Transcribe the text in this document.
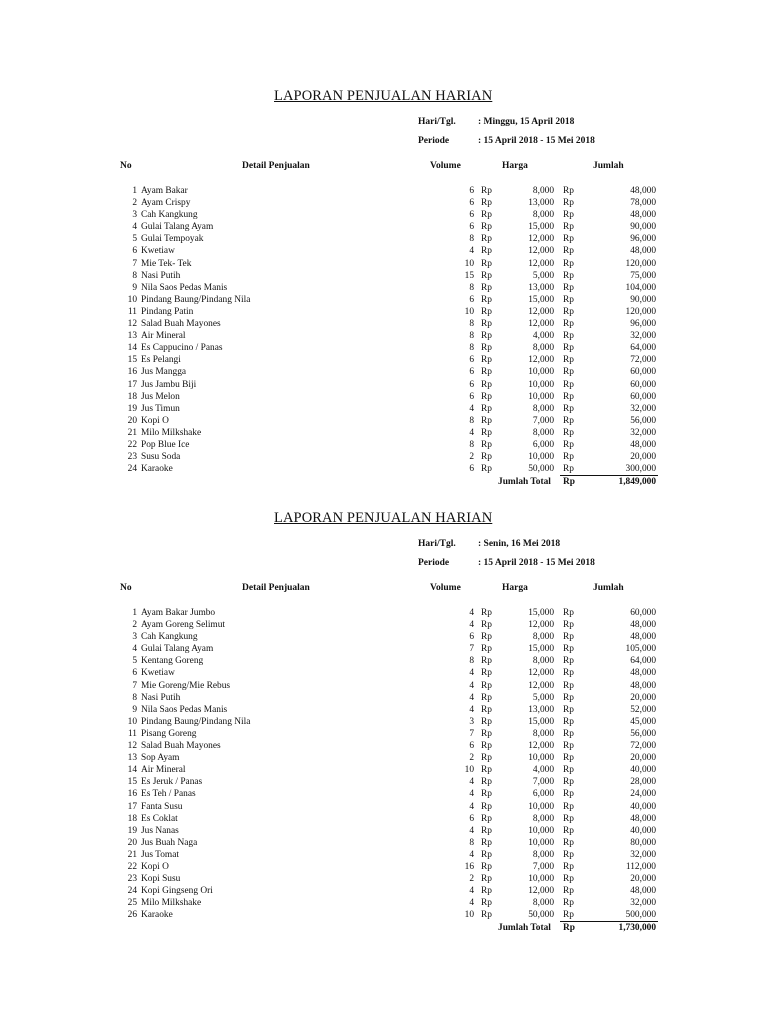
LAPORAN PENJUALAN HARIAN
Hari/Tgl. : Minggu, 15 April 2018
Periode	: 15 April 2018 - 15 Mei 2018
No	Detail Penjualan	Volume	Harga	Jumlah
1 Ayam Bakar	6 Rp	8,000 Rp	48,000
2 Ayam Crispy	6 Rp	13,000 Rp	78,000
3 Cah Kangkung	6 Rp	8,000 Rp	48,000
4 Gulai Talang Ayam	6 Rp	15,000 Rp	90,000
5 Gulai Tempoyak	8 Rp	12,000 Rp	96,000
6 Kwetiaw	4 Rp	12,000 Rp	48,000
7 Mie Tek- Tek	10 Rp	12,000 Rp	120,000
8 Nasi Putih	15 Rp	5,000 Rp	75,000
9 Nila Saos Pedas Manis	8 Rp	13,000 Rp	104,000
10 Pindang Baung/Pindang Nila	6 Rp	15,000 Rp	90,000
11 Pindang Patin	10 Rp	12,000 Rp	120,000
12 Salad Buah Mayones	8 Rp	12,000 Rp	96,000
13 Air Mineral	8 Rp	4,000 Rp	32,000
14 Es Cappucino / Panas	8 Rp	8,000 Rp	64,000
15 Es Pelangi	6 Rp	12,000 Rp	72,000
16 Jus Mangga	6 Rp	10,000 Rp	60,000
17 Jus Jambu Biji	6 Rp	10,000 Rp	60,000
18 Jus Melon	6 Rp	10,000 Rp	60,000
19 Jus Timun	4 Rp	8,000 Rp	32,000
20 Kopi O	8 Rp	7,000 Rp	56,000
21 Milo Milkshake	4 Rp	8,000 Rp	32,000
22 Pop Blue Ice	8 Rp	6,000 Rp	48,000
23 Susu Soda	2 Rp	10,000 Rp	20,000
24 Karaoke	6 Rp	50,000 Rp	300,000
Jumlah Total Rp	1,849,000
LAPORAN PENJUALAN HARIAN
Hari/Tgl. : Senin, 16 Mei 2018
Periode	: 15 April 2018 - 15 Mei 2018
No	Detail Penjualan	Volume	Harga	Jumlah
1 Ayam Bakar Jumbo	4 Rp	15,000 Rp	60,000
2 Ayam Goreng Selimut	4 Rp	12,000 Rp	48,000
3 Cah Kangkung	6 Rp	8,000 Rp	48,000
4 Gulai Talang Ayam	7 Rp	15,000 Rp	105,000
5 Kentang Goreng	8 Rp	8,000 Rp	64,000
6 Kwetiaw	4 Rp	12,000 Rp	48,000
7 Mie Goreng/Mie Rebus	4 Rp	12,000 Rp	48,000
8 Nasi Putih	4 Rp	5,000 Rp	20,000
9 Nila Saos Pedas Manis	4 Rp	13,000 Rp	52,000
10 Pindang Baung/Pindang Nila	3 Rp	15,000 Rp	45,000
11 Pisang Goreng	7 Rp	8,000 Rp	56,000
12 Salad Buah Mayones	6 Rp	12,000 Rp	72,000
13 Sop Ayam	2 Rp	10,000 Rp	20,000
14 Air Mineral	10 Rp	4,000 Rp	40,000
15 Es Jeruk / Panas	4 Rp	7,000 Rp	28,000
16 Es Teh / Panas	4 Rp	6,000 Rp	24,000
17 Fanta Susu	4 Rp	10,000 Rp	40,000
18 Es Coklat	6 Rp	8,000 Rp	48,000
19 Jus Nanas	4 Rp	10,000 Rp	40,000
20 Jus Buah Naga	8 Rp	10,000 Rp	80,000
21 Jus Tomat	4 Rp	8,000 Rp	32,000
22 Kopi O	16 Rp	7,000 Rp	112,000
23 Kopi Susu	2 Rp	10,000 Rp	20,000
24 Kopi Gingseng Ori	4 Rp	12,000 Rp	48,000
25 Milo Milkshake	4 Rp	8,000 Rp	32,000
26 Karaoke	10 Rp	50,000 Rp	500,000
Jumlah Total Rp	1,730,000
